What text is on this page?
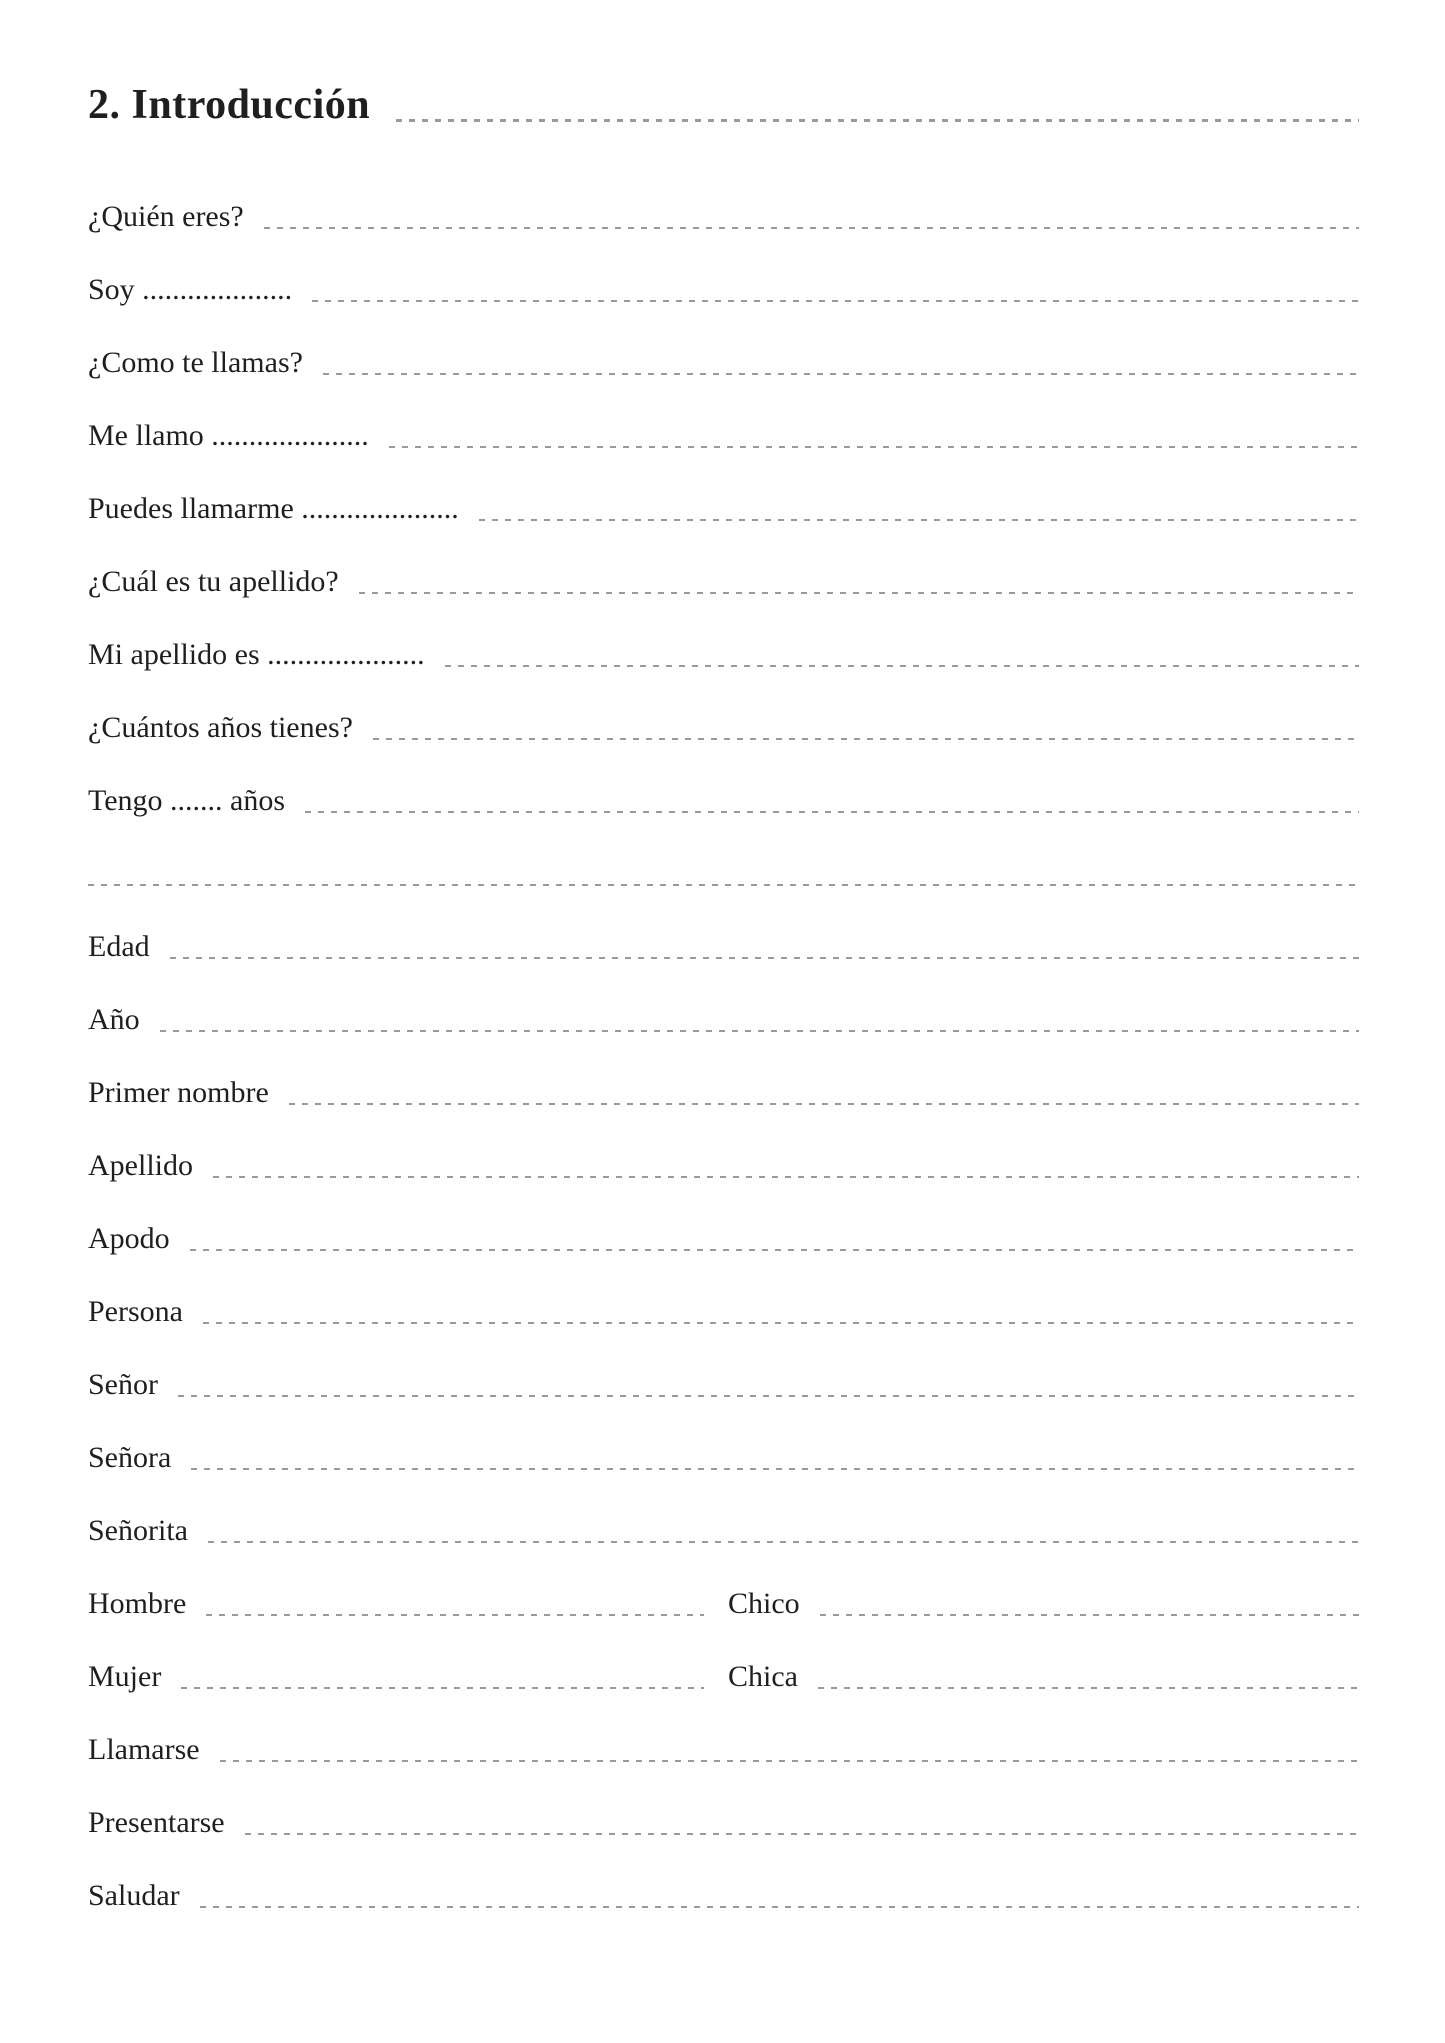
2. Introducción
¿Quién eres?
Soy ....................
¿Como te llamas?
Me llamo .....................
Puedes llamarme .....................
¿Cuál es tu apellido?
Mi apellido es .....................
¿Cuántos años tienes?
Tengo ....... años
Edad
Año
Primer nombre
Apellido
Apodo
Persona
Señor
Señora
Señorita
Hombre	Chico
Mujer	Chica
Llamarse
Presentarse
Saludar
